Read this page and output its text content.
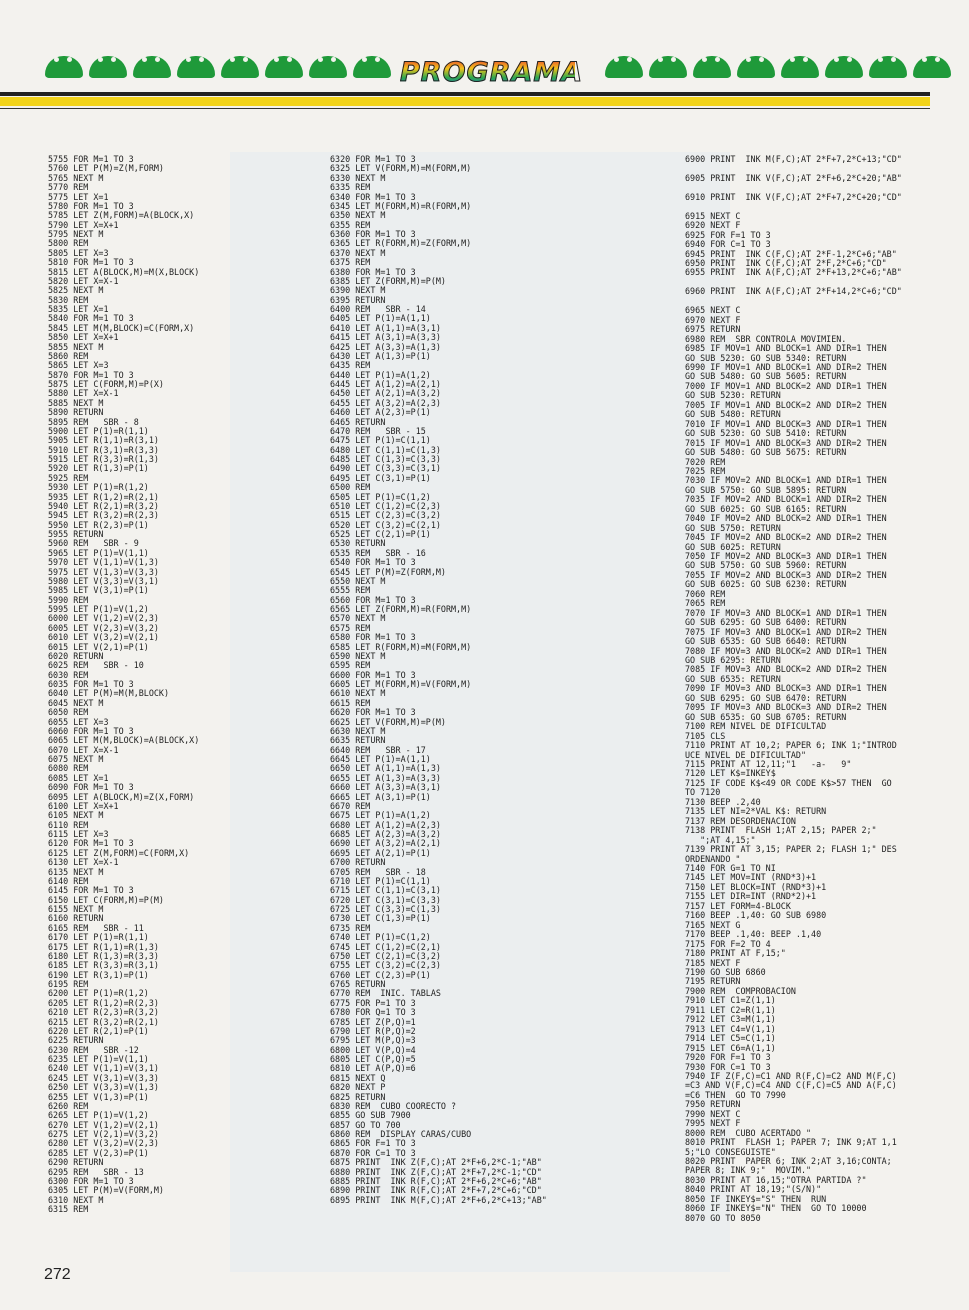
PROGRAMA
5755 FOR M=1 TO 3
5760 LET P(M)=Z(M,FORM)
5765 NEXT M
5770 REM
5775 LET X=1
5780 FOR M=1 TO 3
5785 LET Z(M,FORM)=A(BLOCK,X)
5790 LET X=X+1
5795 NEXT M
5800 REM
5805 LET X=3
5810 FOR M=1 TO 3
5815 LET A(BLOCK,M)=M(X,BLOCK)
5820 LET X=X-1
5825 NEXT M
5830 REM
5835 LET X=1
5840 FOR M=1 TO 3
5845 LET M(M,BLOCK)=C(FORM,X)
5850 LET X=X+1
5855 NEXT M
5860 REM
5865 LET X=3
5870 FOR M=1 TO 3
5875 LET C(FORM,M)=P(X)
5880 LET X=X-1
5885 NEXT M
5890 RETURN
5895 REM   SBR - 8
5900 LET P(1)=R(1,1)
5905 LET R(1,1)=R(3,1)
5910 LET R(3,1)=R(3,3)
5915 LET R(3,3)=R(1,3)
5920 LET R(1,3)=P(1)
5925 REM
5930 LET P(1)=R(1,2)
5935 LET R(1,2)=R(2,1)
5940 LET R(2,1)=R(3,2)
5945 LET R(3,2)=R(2,3)
5950 LET R(2,3)=P(1)
5955 RETURN
5960 REM   SBR - 9
5965 LET P(1)=V(1,1)
5970 LET V(1,1)=V(1,3)
5975 LET V(1,3)=V(3,3)
5980 LET V(3,3)=V(3,1)
5985 LET V(3,1)=P(1)
5990 REM
5995 LET P(1)=V(1,2)
6000 LET V(1,2)=V(2,3)
6005 LET V(2,3)=V(3,2)
6010 LET V(3,2)=V(2,1)
6015 LET V(2,1)=P(1)
6020 RETURN
6025 REM   SBR - 10
6030 REM
6035 FOR M=1 TO 3
6040 LET P(M)=M(M,BLOCK)
6045 NEXT M
6050 REM
6055 LET X=3
6060 FOR M=1 TO 3
6065 LET M(M,BLOCK)=A(BLOCK,X)
6070 LET X=X-1
6075 NEXT M
6080 REM
6085 LET X=1
6090 FOR M=1 TO 3
6095 LET A(BLOCK,M)=Z(X,FORM)
6100 LET X=X+1
6105 NEXT M
6110 REM
6115 LET X=3
6120 FOR M=1 TO 3
6125 LET Z(M,FORM)=C(FORM,X)
6130 LET X=X-1
6135 NEXT M
6140 REM
6145 FOR M=1 TO 3
6150 LET C(FORM,M)=P(M)
6155 NEXT M
6160 RETURN
6165 REM   SBR - 11
6170 LET P(1)=R(1,1)
6175 LET R(1,1)=R(1,3)
6180 LET R(1,3)=R(3,3)
6185 LET R(3,3)=R(3,1)
6190 LET R(3,1)=P(1)
6195 REM
6200 LET P(1)=R(1,2)
6205 LET R(1,2)=R(2,3)
6210 LET R(2,3)=R(3,2)
6215 LET R(3,2)=R(2,1)
6220 LET R(2,1)=P(1)
6225 RETURN
6230 REM   SBR -12
6235 LET P(1)=V(1,1)
6240 LET V(1,1)=V(3,1)
6245 LET V(3,1)=V(3,3)
6250 LET V(3,3)=V(1,3)
6255 LET V(1,3)=P(1)
6260 REM
6265 LET P(1)=V(1,2)
6270 LET V(1,2)=V(2,1)
6275 LET V(2,1)=V(3,2)
6280 LET V(3,2)=V(2,3)
6285 LET V(2,3)=P(1)
6290 RETURN
6295 REM   SBR - 13
6300 FOR M=1 TO 3
6305 LET P(M)=V(FORM,M)
6310 NEXT M
6315 REM
6320 FOR M=1 TO 3
6325 LET V(FORM,M)=M(FORM,M)
6330 NEXT M
6335 REM
6340 FOR M=1 TO 3
6345 LET M(FORM,M)=R(FORM,M)
6350 NEXT M
6355 REM
6360 FOR M=1 TO 3
6365 LET R(FORM,M)=Z(FORM,M)
6370 NEXT M
6375 REM
6380 FOR M=1 TO 3
6385 LET Z(FORM,M)=P(M)
6390 NEXT M
6395 RETURN
6400 REM   SBR - 14
6405 LET P(1)=A(1,1)
6410 LET A(1,1)=A(3,1)
6415 LET A(3,1)=A(3,3)
6425 LET A(3,3)=A(1,3)
6430 LET A(1,3)=P(1)
6435 REM
6440 LET P(1)=A(1,2)
6445 LET A(1,2)=A(2,1)
6450 LET A(2,1)=A(3,2)
6455 LET A(3,2)=A(2,3)
6460 LET A(2,3)=P(1)
6465 RETURN
6470 REM   SBR - 15
6475 LET P(1)=C(1,1)
6480 LET C(1,1)=C(1,3)
6485 LET C(1,3)=C(3,3)
6490 LET C(3,3)=C(3,1)
6495 LET C(3,1)=P(1)
6500 REM
6505 LET P(1)=C(1,2)
6510 LET C(1,2)=C(2,3)
6515 LET C(2,3)=C(3,2)
6520 LET C(3,2)=C(2,1)
6525 LET C(2,1)=P(1)
6530 RETURN
6535 REM   SBR - 16
6540 FOR M=1 TO 3
6545 LET P(M)=Z(FORM,M)
6550 NEXT M
6555 REM
6560 FOR M=1 TO 3
6565 LET Z(FORM,M)=R(FORM,M)
6570 NEXT M
6575 REM
6580 FOR M=1 TO 3
6585 LET R(FORM,M)=M(FORM,M)
6590 NEXT M
6595 REM
6600 FOR M=1 TO 3
6605 LET M(FORM,M)=V(FORM,M)
6610 NEXT M
6615 REM
6620 FOR M=1 TO 3
6625 LET V(FORM,M)=P(M)
6630 NEXT M
6635 RETURN
6640 REM   SBR - 17
6645 LET P(1)=A(1,1)
6650 LET A(1,1)=A(1,3)
6655 LET A(1,3)=A(3,3)
6660 LET A(3,3)=A(3,1)
6665 LET A(3,1)=P(1)
6670 REM
6675 LET P(1)=A(1,2)
6680 LET A(1,2)=A(2,3)
6685 LET A(2,3)=A(3,2)
6690 LET A(3,2)=A(2,1)
6695 LET A(2,1)=P(1)
6700 RETURN
6705 REM   SBR - 18
6710 LET P(1)=C(1,1)
6715 LET C(1,1)=C(3,1)
6720 LET C(3,1)=C(3,3)
6725 LET C(3,3)=C(1,3)
6730 LET C(1,3)=P(1)
6735 REM
6740 LET P(1)=C(1,2)
6745 LET C(1,2)=C(2,1)
6750 LET C(2,1)=C(3,2)
6755 LET C(3,2)=C(2,3)
6760 LET C(2,3)=P(1)
6765 RETURN
6770 REM  INIC. TABLAS
6775 FOR P=1 TO 3
6780 FOR Q=1 TO 3
6785 LET Z(P,Q)=1
6790 LET R(P,Q)=2
6795 LET M(P,Q)=3
6800 LET V(P,Q)=4
6805 LET C(P,Q)=5
6810 LET A(P,Q)=6
6815 NEXT Q
6820 NEXT P
6825 RETURN
6830 REM  CUBO COORECTO ?
6855 GO SUB 7900
6857 GO TO 700
6860 REM  DISPLAY CARAS/CUBO
6865 FOR F=1 TO 3
6870 FOR C=1 TO 3
6875 PRINT  INK Z(F,C);AT 2*F+6,2*C-1;"AB"
6880 PRINT  INK Z(F,C);AT 2*F+7,2*C-1;"CD"
6885 PRINT  INK R(F,C);AT 2*F+6,2*C+6;"AB"
6890 PRINT  INK R(F,C);AT 2*F+7,2*C+6;"CD"
6895 PRINT  INK M(F,C);AT 2*F+6,2*C+13;"AB"
6900 PRINT  INK M(F,C);AT 2*F+7,2*C+13;"CD"

6905 PRINT  INK V(F,C);AT 2*F+6,2*C+20;"AB"

6910 PRINT  INK V(F,C);AT 2*F+7,2*C+20;"CD"

6915 NEXT C
6920 NEXT F
6925 FOR F=1 TO 3
6940 FOR C=1 TO 3
6945 PRINT  INK C(F,C);AT 2*F-1,2*C+6;"AB"
6950 PRINT  INK C(F,C);AT 2*F,2*C+6;"CD"
6955 PRINT  INK A(F,C);AT 2*F+13,2*C+6;"AB"

6960 PRINT  INK A(F,C);AT 2*F+14,2*C+6;"CD"

6965 NEXT C
6970 NEXT F
6975 RETURN
6980 REM  SBR CONTROLA MOVIMIEN.
6985 IF MOV=1 AND BLOCK=1 AND DIR=1 THEN
GO SUB 5230: GO SUB 5340: RETURN
6990 IF MOV=1 AND BLOCK=1 AND DIR=2 THEN
GO SUB 5480: GO SUB 5605: RETURN
7000 IF MOV=1 AND BLOCK=2 AND DIR=1 THEN
GO SUB 5230: RETURN
7005 IF MOV=1 AND BLOCK=2 AND DIR=2 THEN
GO SUB 5480: RETURN
7010 IF MOV=1 AND BLOCK=3 AND DIR=1 THEN
GO SUB 5230: GO SUB 5410: RETURN
7015 IF MOV=1 AND BLOCK=3 AND DIR=2 THEN
GO SUB 5480: GO SUB 5675: RETURN
7020 REM
7025 REM
7030 IF MOV=2 AND BLOCK=1 AND DIR=1 THEN
GO SUB 5750: GO SUB 5895: RETURN
7035 IF MOV=2 AND BLOCK=1 AND DIR=2 THEN
GO SUB 6025: GO SUB 6165: RETURN
7040 IF MOV=2 AND BLOCK=2 AND DIR=1 THEN
GO SUB 5750: RETURN
7045 IF MOV=2 AND BLOCK=2 AND DIR=2 THEN
GO SUB 6025: RETURN
7050 IF MOV=2 AND BLOCK=3 AND DIR=1 THEN
GO SUB 5750: GO SUB 5960: RETURN
7055 IF MOV=2 AND BLOCK=3 AND DIR=2 THEN
GO SUB 6025: GO SUB 6230: RETURN
7060 REM
7065 REM
7070 IF MOV=3 AND BLOCK=1 AND DIR=1 THEN
GO SUB 6295: GO SUB 6400: RETURN
7075 IF MOV=3 AND BLOCK=1 AND DIR=2 THEN
GO SUB 6535: GO SUB 6640: RETURN
7080 IF MOV=3 AND BLOCK=2 AND DIR=1 THEN
GO SUB 6295: RETURN
7085 IF MOV=3 AND BLOCK=2 AND DIR=2 THEN
GO SUB 6535: RETURN
7090 IF MOV=3 AND BLOCK=3 AND DIR=1 THEN
GO SUB 6295: GO SUB 6470: RETURN
7095 IF MOV=3 AND BLOCK=3 AND DIR=2 THEN
GO SUB 6535: GO SUB 6705: RETURN
7100 REM NIVEL DE DIFICULTAD
7105 CLS
7110 PRINT AT 10,2; PAPER 6; INK 1;"INTROD
UCE NIVEL DE DIFICULTAD"
7115 PRINT AT 12,11;"1   -a-   9"
7120 LET K$=INKEY$
7125 IF CODE K$<49 OR CODE K$>57 THEN  GO
TO 7120
7130 BEEP .2,40
7135 LET NI=2*VAL K$: RETURN
7137 REM DESORDENACION
7138 PRINT  FLASH 1;AT 2,15; PAPER 2;"
";AT 4,15;"
7139 PRINT AT 3,15; PAPER 2; FLASH 1;" DES
ORDENANDO "
7140 FOR G=1 TO NI
7145 LET MOV=INT (RND*3)+1
7150 LET BLOCK=INT (RND*3)+1
7155 LET DIR=INT (RND*2)+1
7157 LET FORM=4-BLOCK
7160 BEEP .1,40: GO SUB 6980
7165 NEXT G
7170 BEEP .1,40: BEEP .1,40
7175 FOR F=2 TO 4
7180 PRINT AT F,15;"
7185 NEXT F
7190 GO SUB 6860
7195 RETURN
7900 REM  COMPROBACION
7910 LET C1=Z(1,1)
7911 LET C2=R(1,1)
7912 LET C3=M(1,1)
7913 LET C4=V(1,1)
7914 LET C5=C(1,1)
7915 LET C6=A(1,1)
7920 FOR F=1 TO 3
7930 FOR C=1 TO 3
7940 IF Z(F,C)=C1 AND R(F,C)=C2 AND M(F,C)
=C3 AND V(F,C)=C4 AND C(F,C)=C5 AND A(F,C)
=C6 THEN  GO TO 7990
7950 RETURN
7990 NEXT C
7995 NEXT F
8000 REM  CUBO ACERTADO "
8010 PRINT  FLASH 1; PAPER 7; INK 9;AT 1,1
5;"LO CONSEGUISTE"
8020 PRINT  PAPER 6; INK 2;AT 3,16;CONTA;
PAPER 8; INK 9;"  MOVIM."
8030 PRINT AT 16,15;"OTRA PARTIDA ?"
8040 PRINT AT 18,19;"(S/N)"
8050 IF INKEY$="S" THEN  RUN
8060 IF INKEY$="N" THEN  GO TO 10000
8070 GO TO 8050
272
